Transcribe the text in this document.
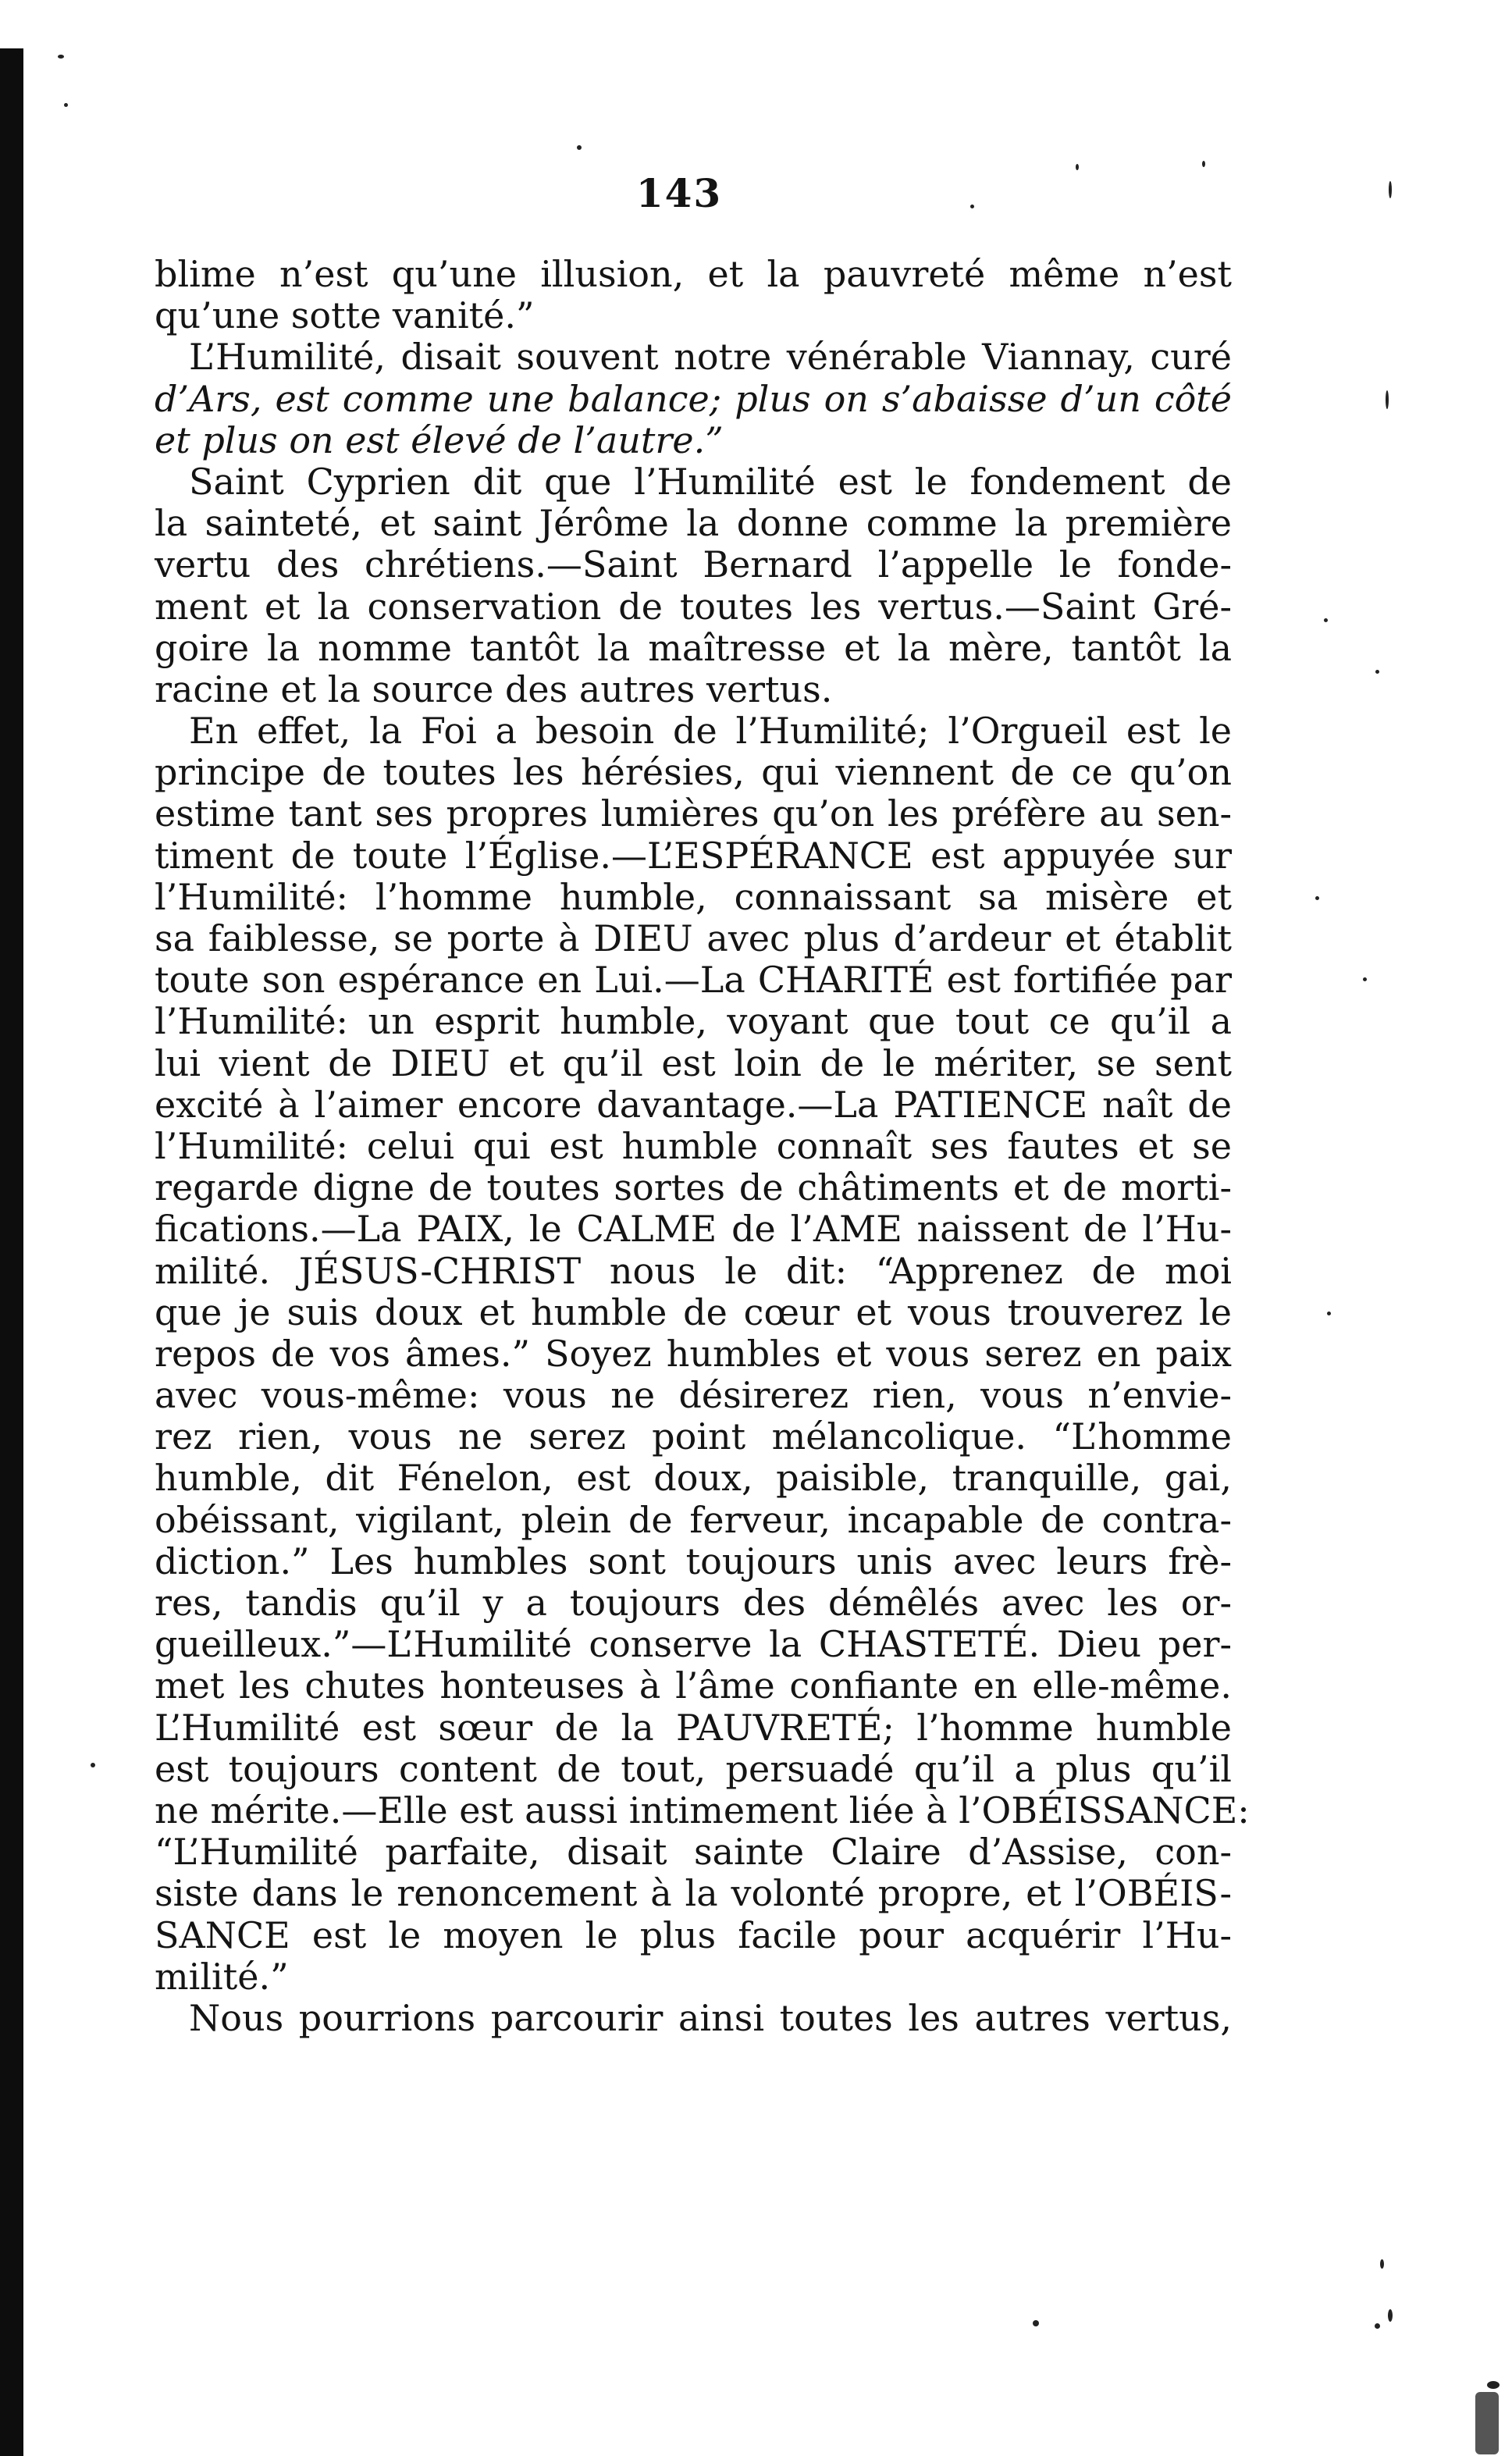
143
blime n’est qu’une illusion, et la pauvreté même n’est
qu’une sotte vanité.”
L’Humilité, disait souvent notre vénérable Viannay, curé
d’Ars, est comme une balance; plus on s’abaisse d’un côté
et plus on est élevé de l’autre.”
Saint Cyprien dit que l’Humilité est le fondement de
la sainteté, et saint Jérôme la donne comme la première
vertu des chrétiens.—Saint Bernard l’appelle le fonde-
ment et la conservation de toutes les vertus.—Saint Gré-
goire la nomme tantôt la maîtresse et la mère, tantôt la
racine et la source des autres vertus.
En effet, la Foi a besoin de l’Humilité; l’Orgueil est le
principe de toutes les hérésies, qui viennent de ce qu’on
estime tant ses propres lumières qu’on les préfère au sen-
timent de toute l’Église.—L’ESPÉRANCE est appuyée sur
l’Humilité: l’homme humble, connaissant sa misère et
sa faiblesse, se porte à DIEU avec plus d’ardeur et établit
toute son espérance en Lui.—La CHARITÉ est fortifiée par
l’Humilité: un esprit humble, voyant que tout ce qu’il a
lui vient de DIEU et qu’il est loin de le mériter, se sent
excité à l’aimer encore davantage.—La PATIENCE naît de
l’Humilité: celui qui est humble connaît ses fautes et se
regarde digne de toutes sortes de châtiments et de morti-
fications.—La PAIX, le CALME de l’AME naissent de l’Hu-
milité. JÉSUS-CHRIST nous le dit: “Apprenez de moi
que je suis doux et humble de cœur et vous trouverez le
repos de vos âmes.” Soyez humbles et vous serez en paix
avec vous-même: vous ne désirerez rien, vous n’envie-
rez rien, vous ne serez point mélancolique. “L’homme
humble, dit Fénelon, est doux, paisible, tranquille, gai,
obéissant, vigilant, plein de ferveur, incapable de contra-
diction.” Les humbles sont toujours unis avec leurs frè-
res, tandis qu’il y a toujours des démêlés avec les or-
gueilleux.”—L’Humilité conserve la CHASTETÉ. Dieu per-
met les chutes honteuses à l’âme confiante en elle-même.
L’Humilité est sœur de la PAUVRETÉ; l’homme humble
est toujours content de tout, persuadé qu’il a plus qu’il
ne mérite.—Elle est aussi intimement liée à l’OBÉISSANCE:
“L’Humilité parfaite, disait sainte Claire d’Assise, con-
siste dans le renoncement à la volonté propre, et l’OBÉIS-
SANCE est le moyen le plus facile pour acquérir l’Hu-
milité.”
Nous pourrions parcourir ainsi toutes les autres vertus,
